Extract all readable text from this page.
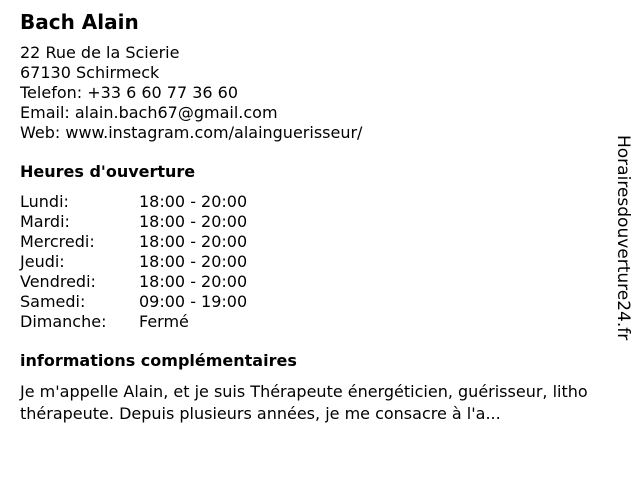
Bach Alain
22 Rue de la Scierie
67130 Schirmeck
Telefon: +33 6 60 77 36 60
Email: alain.bach67@gmail.com
Web: www.instagram.com/alainguerisseur/
Heures d'ouverture
Lundi:	18:00 - 20:00
Mardi:	18:00 - 20:00
Mercredi:	18:00 - 20:00
Jeudi:	18:00 - 20:00
Vendredi:	18:00 - 20:00
Samedi:	09:00 - 19:00
Dimanche:	Fermé
informations complémentaires
Je m'appelle Alain, et je suis Thérapeute énergéticien, guérisseur, lithothérapeute. Depuis plusieurs années, je me consacre à l'a...
Horairesdouverture24.fr
